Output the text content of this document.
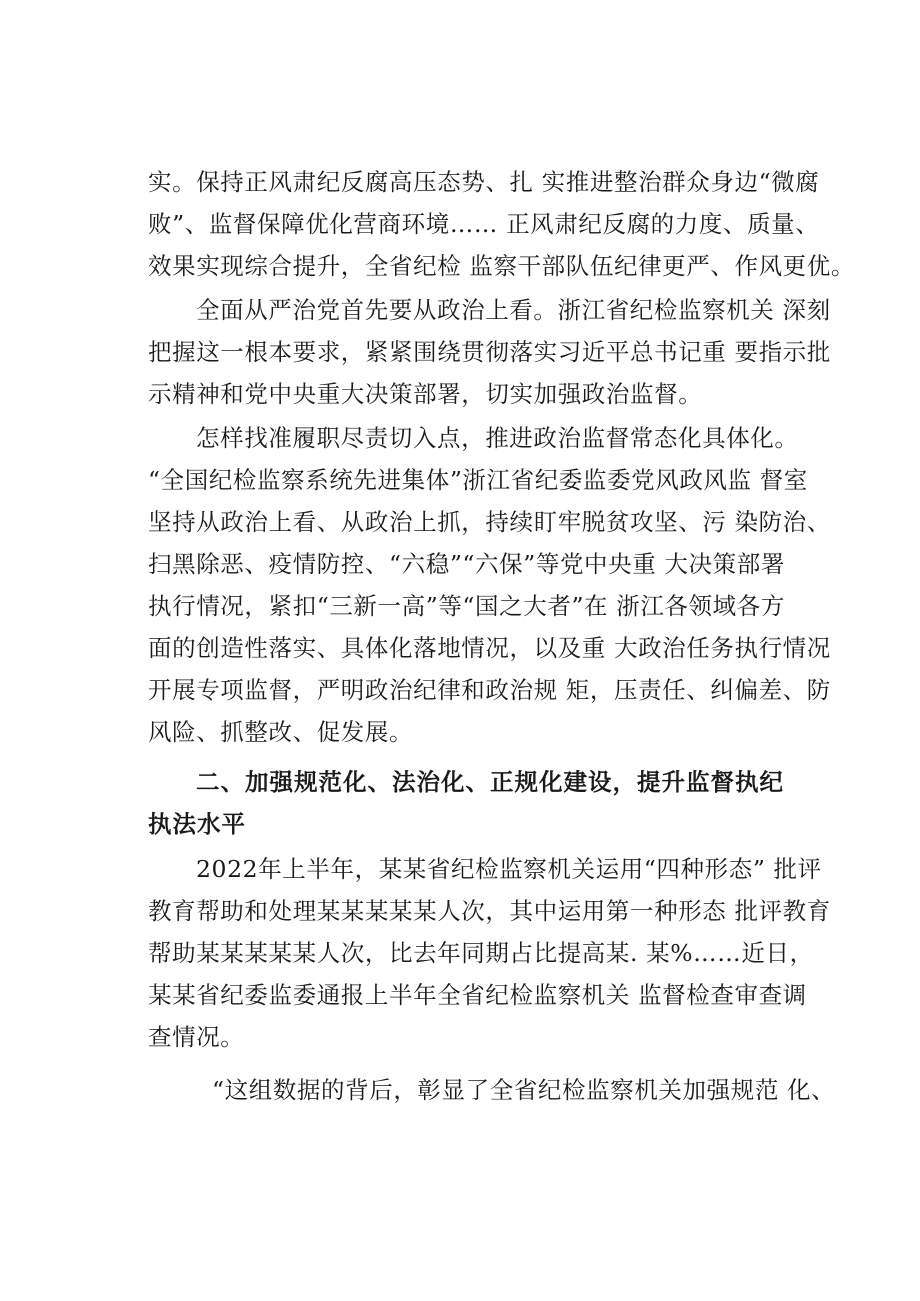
实。保持正风肃纪反腐高压态势、扎 实推进整治群众身边“微腐
败”、监督保障优化营商环境…… 正风肃纪反腐的力度、质量、
效果实现综合提升，全省纪检 监察干部队伍纪律更严、作风更优。
全面从严治党首先要从政治上看。浙江省纪检监察机关 深刻
把握这一根本要求，紧紧围绕贯彻落实习近平总书记重 要指示批
示精神和党中央重大决策部署，切实加强政治监督。
怎样找准履职尽责切入点，推进政治监督常态化具体化。
“全国纪检监察系统先进集体”浙江省纪委监委党风政风监 督室
坚持从政治上看、从政治上抓，持续盯牢脱贫攻坚、污 染防治、
扫黑除恶、疫情防控、“六稳”“六保”等党中央重 大决策部署
执行情况，紧扣“三新一高”等“国之大者”在 浙江各领域各方
面的创造性落实、具体化落地情况，以及重 大政治任务执行情况
开展专项监督，严明政治纪律和政治规 矩，压责任、纠偏差、防
风险、抓整改、促发展。
二、加强规范化、法治化、正规化建设，提升监督执纪
执法水平
2022年上半年，某某省纪检监察机关运用“四种形态” 批评
教育帮助和处理某某某某某人次，其中运用第一种形态 批评教育
帮助某某某某某人次，比去年同期占比提高某. 某%……近日，
某某省纪委监委通报上半年全省纪检监察机关 监督检查审查调
查情况。
“这组数据的背后，彰显了全省纪检监察机关加强规范 化、
